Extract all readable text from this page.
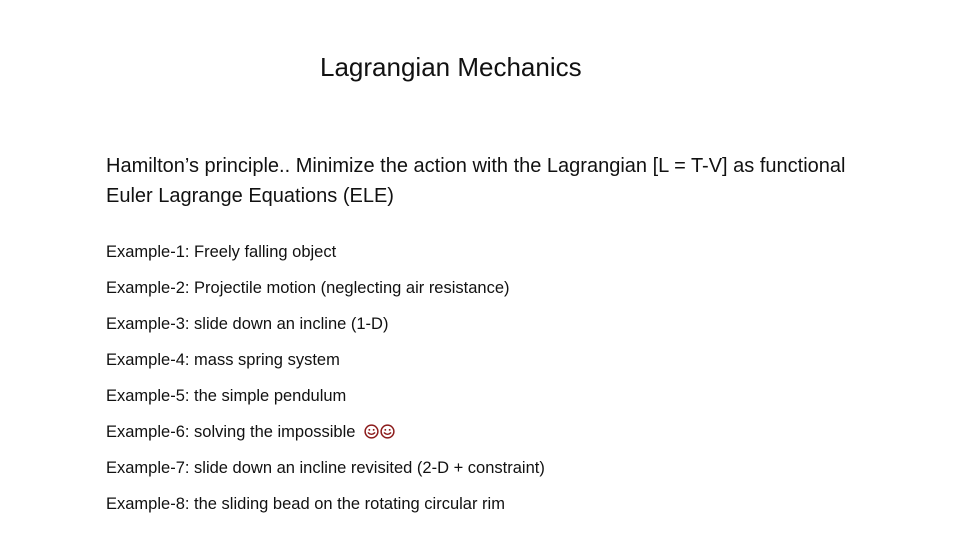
Lagrangian Mechanics
Hamilton’s principle.. Minimize the action with the Lagrangian [L = T-V] as functional
Euler Lagrange Equations (ELE)
Example-1: Freely falling object
Example-2: Projectile motion (neglecting air resistance)
Example-3: slide down an incline (1-D)
Example-4: mass spring system
Example-5: the simple pendulum
Example-6: solving the impossible
Example-7: slide down an incline revisited (2-D + constraint)
Example-8: the sliding bead on the rotating circular rim
